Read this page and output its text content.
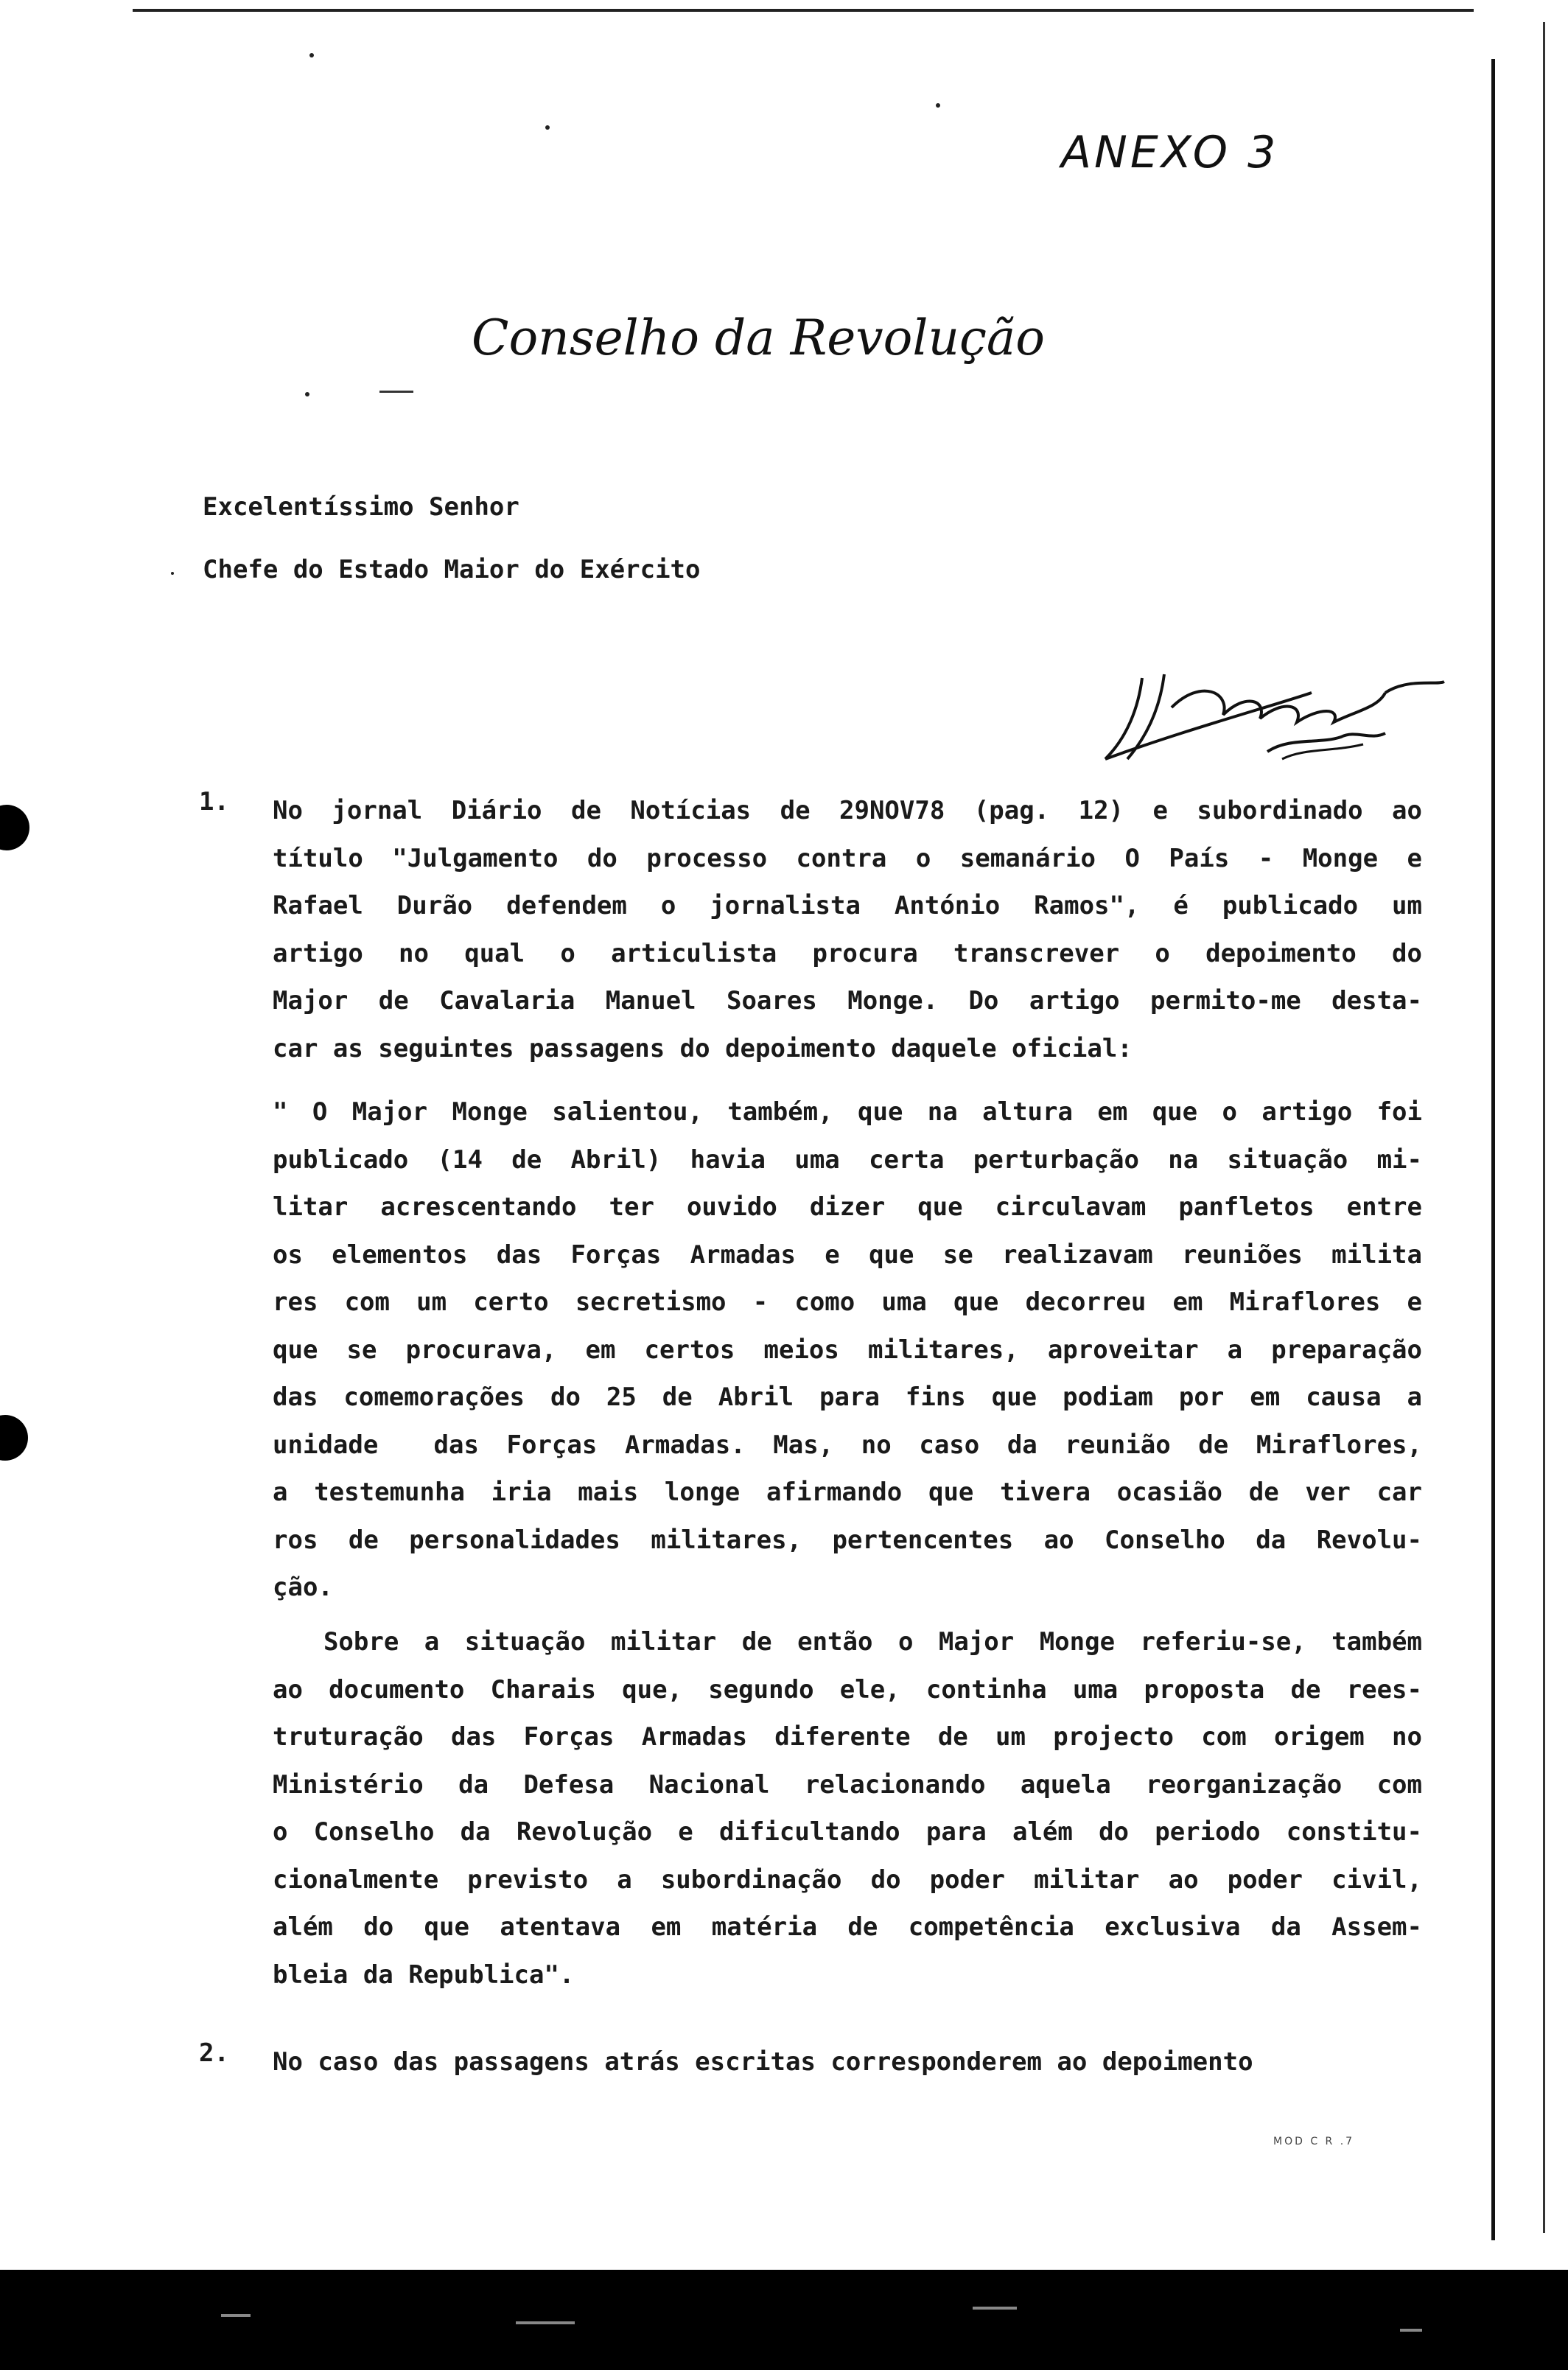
ANEXO 3
Conselho da Revolução
Excelentíssimo Senhor
Chefe do Estado Maior do Exército
1. No jornal Diário de Notícias de 29NOV78 (pag. 12) e subordinado ao
título "Julgamento do processo contra o semanário O País - Monge e
Rafael Durão defendem o jornalista António Ramos", é publicado um
artigo no qual o articulista procura transcrever o depoimento do
Major de Cavalaria Manuel Soares Monge. Do artigo permito-me desta-
car as seguintes passagens do depoimento daquele oficial:
" O Major Monge salientou, também, que na altura em que o artigo foi
publicado (14 de Abril) havia uma certa perturbação na situação mi-
litar acrescentando ter ouvido dizer que circulavam panfletos entre
os elementos das Forças Armadas e que se realizavam reuniões milita
res com um certo secretismo - como uma que decorreu em Miraflores e
que se procurava, em certos meios militares, aproveitar a preparação
das comemorações do 25 de Abril para fins que podiam por em causa a
unidade  das Forças Armadas. Mas, no caso da reunião de Miraflores,
a testemunha iria mais longe afirmando que tivera ocasião de ver car
ros de personalidades militares, pertencentes ao Conselho da Revolu-
ção.
Sobre a situação militar de então o Major Monge referiu-se, também
ao documento Charais que, segundo ele, continha uma proposta de rees-
truturação das Forças Armadas diferente de um projecto com origem no
Ministério da Defesa Nacional relacionando aquela reorganização com
o Conselho da Revolução e dificultando para além do periodo constitu-
cionalmente previsto a subordinação do poder militar ao poder civil,
além do que atentava em matéria de competência exclusiva da Assem-
bleia da Republica".
2. No caso das passagens atrás escritas corresponderem ao depoimento
MOD C R .7
